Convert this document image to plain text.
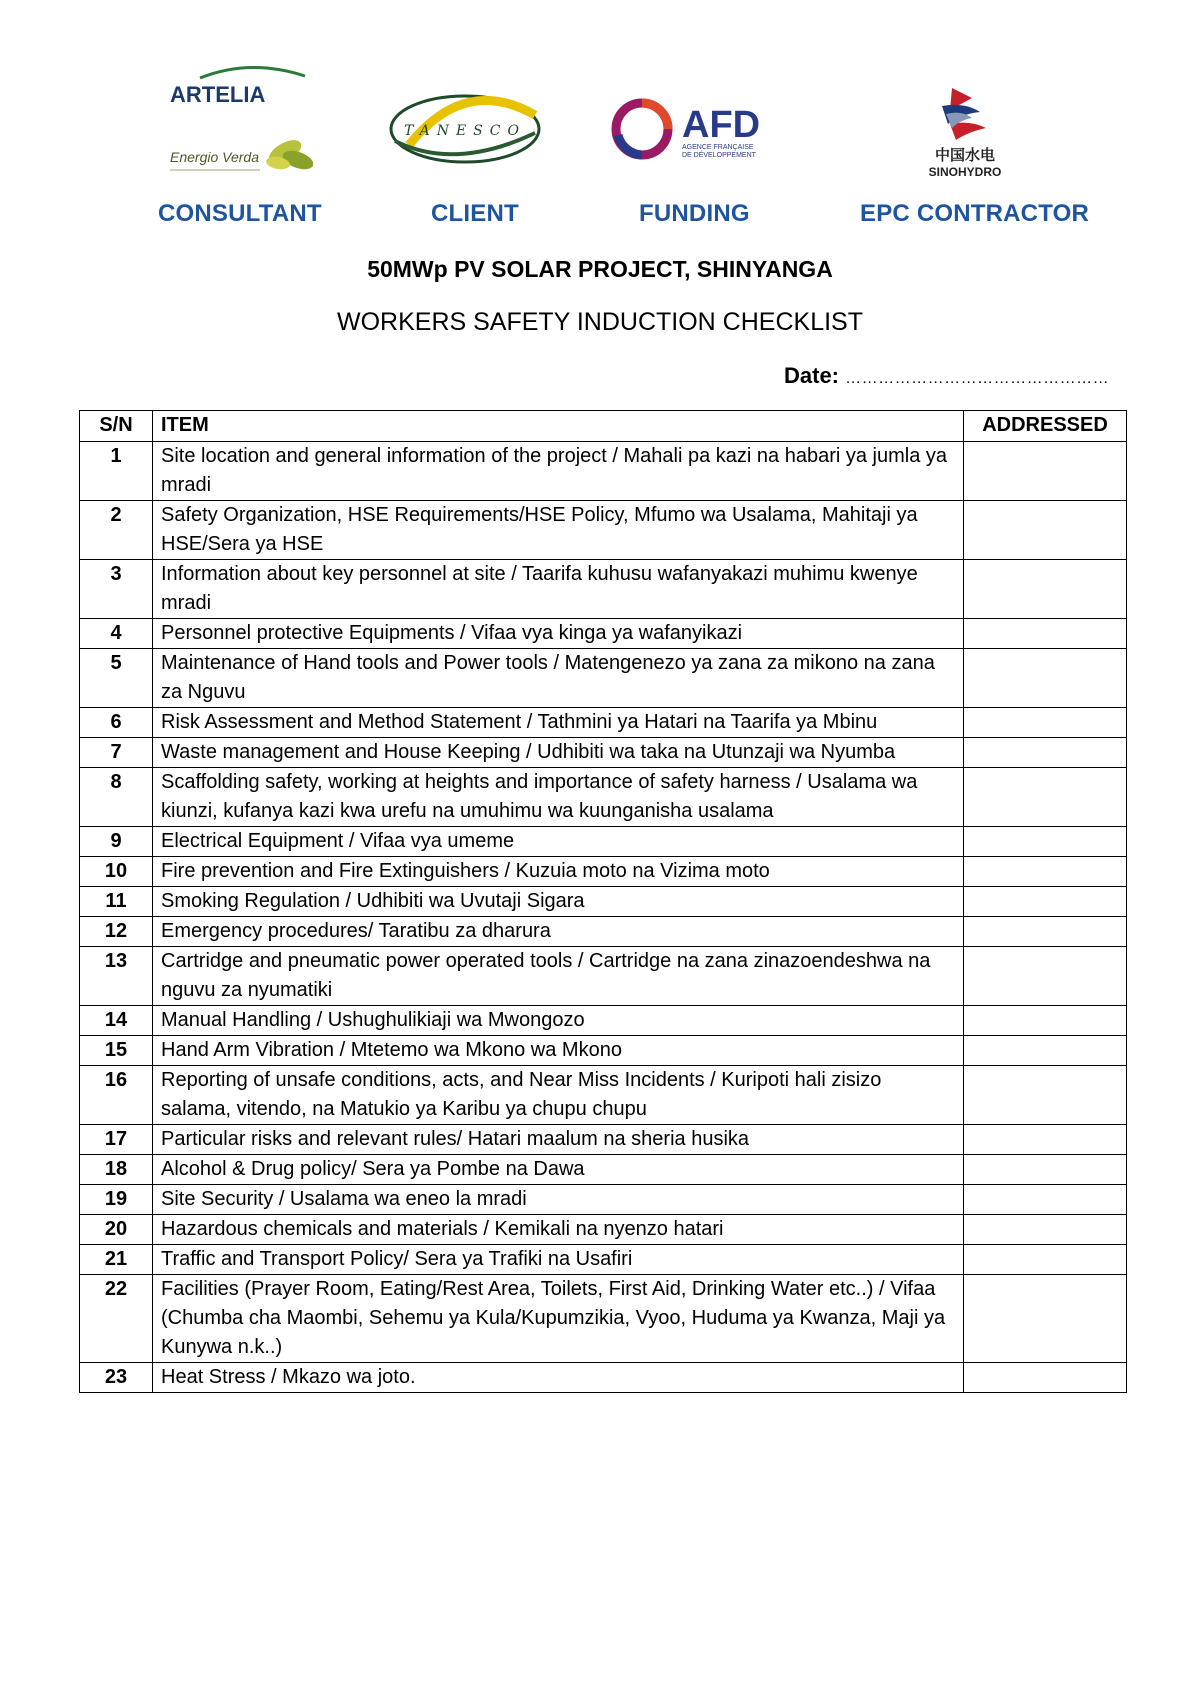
ARTELIA
Energio Verda
TANESCO	AFD
AGENCE FRANÇAISE
DE DÉVELOPPEMENT	中国水电
SINOHYDRO
CONSULTANT	CLIENT	FUNDING	EPC CONTRACTOR
50MWp PV SOLAR PROJECT, SHINYANGA
WORKERS SAFETY INDUCTION CHECKLIST
Date: …………………………………………
S/N	ITEM	ADDRESSED
1	Site location and general information of the project / Mahali pa kazi na habari ya jumla ya mradi	
2	Safety Organization, HSE Requirements/HSE Policy, Mfumo wa Usalama, Mahitaji ya HSE/Sera ya HSE	
3	Information about key personnel at site / Taarifa kuhusu wafanyakazi muhimu kwenye mradi	
4	Personnel protective Equipments / Vifaa vya kinga ya wafanyikazi	
5	Maintenance of Hand tools and Power tools / Matengenezo ya zana za mikono na zana za Nguvu	
6	Risk Assessment and Method Statement / Tathmini ya Hatari na Taarifa ya Mbinu	
7	Waste management and House Keeping / Udhibiti wa taka na Utunzaji wa Nyumba	
8	Scaffolding safety, working at heights and importance of safety harness / Usalama wa kiunzi, kufanya kazi kwa urefu na umuhimu wa kuunganisha usalama	
9	Electrical Equipment / Vifaa vya umeme	
10	Fire prevention and Fire Extinguishers / Kuzuia moto na Vizima moto	
11	Smoking Regulation / Udhibiti wa Uvutaji Sigara	
12	Emergency procedures/ Taratibu za dharura	
13	Cartridge and pneumatic power operated tools / Cartridge na zana zinazoendeshwa na nguvu za nyumatiki	
14	Manual Handling / Ushughulikiaji wa Mwongozo	
15	Hand Arm Vibration / Mtetemo wa Mkono wa Mkono	
16	Reporting of unsafe conditions, acts, and Near Miss Incidents / Kuripoti hali zisizo salama, vitendo, na Matukio ya Karibu ya chupu chupu	
17	Particular risks and relevant rules/ Hatari maalum na sheria husika	
18	Alcohol & Drug policy/ Sera ya Pombe na Dawa	
19	Site Security / Usalama wa eneo la mradi	
20	Hazardous chemicals and materials / Kemikali na nyenzo hatari	
21	Traffic and Transport Policy/ Sera ya Trafiki na Usafiri	
22	Facilities (Prayer Room, Eating/Rest Area, Toilets, First Aid, Drinking Water etc..) / Vifaa (Chumba cha Maombi, Sehemu ya Kula/Kupumzikia, Vyoo, Huduma ya Kwanza, Maji ya Kunywa n.k..)	
23	Heat Stress / Mkazo wa joto.	
